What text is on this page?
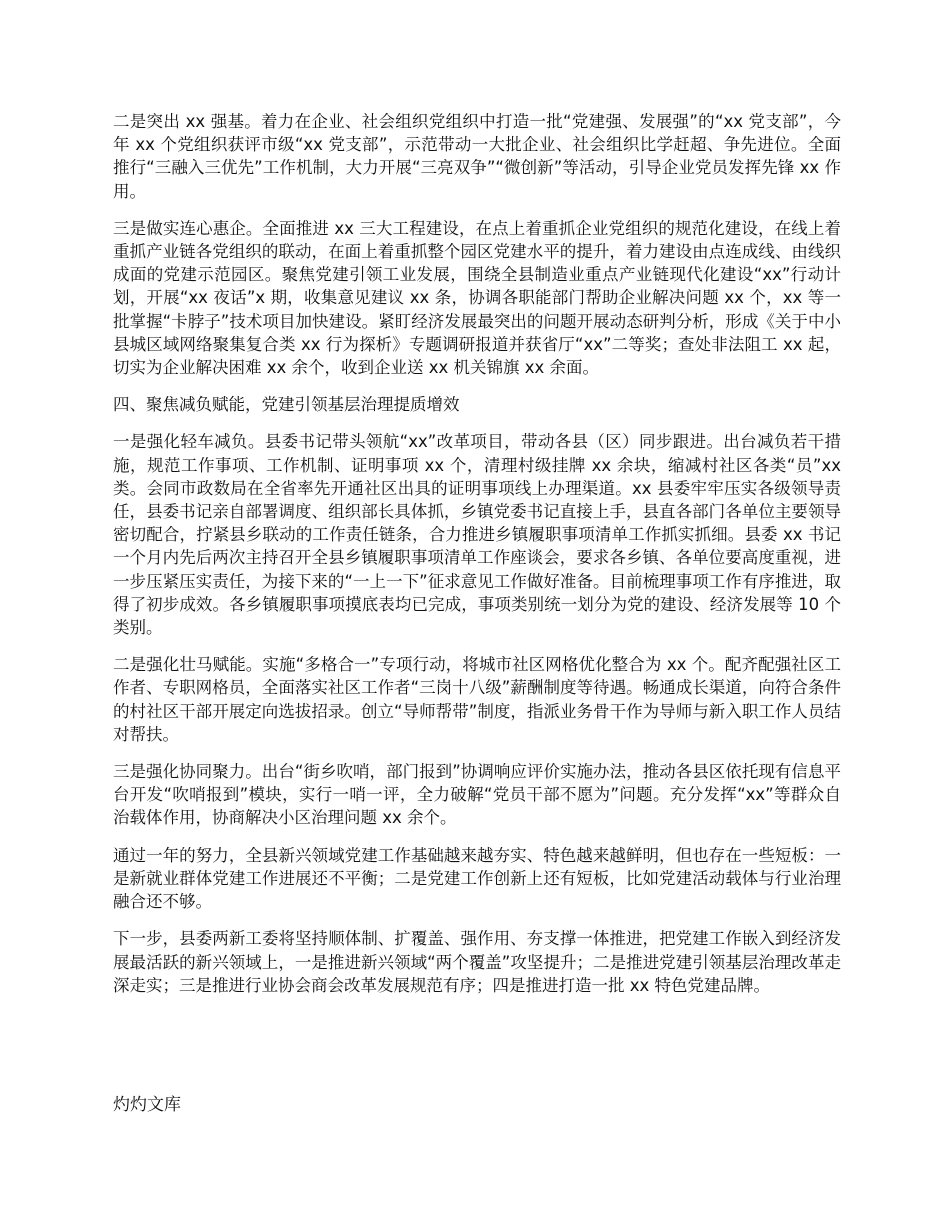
二是突出 xx 强基。着力在企业、社会组织党组织中打造一批“党建强、发展强”的“xx 党支部”，今年 xx 个党组织获评市级“xx 党支部”，示范带动一大批企业、社会组织比学赶超、争先进位。全面推行“三融入三优先”工作机制，大力开展“三亮双争”“微创新”等活动，引导企业党员发挥先锋 xx 作用。

三是做实连心惠企。全面推进 xx 三大工程建设，在点上着重抓企业党组织的规范化建设，在线上着重抓产业链各党组织的联动，在面上着重抓整个园区党建水平的提升，着力建设由点连成线、由线织成面的党建示范园区。聚焦党建引领工业发展，围绕全县制造业重点产业链现代化建设“xx”行动计划，开展“xx 夜话”x 期，收集意见建议 xx 条，协调各职能部门帮助企业解决问题 xx 个，xx 等一批掌握“卡脖子”技术项目加快建设。紧盯经济发展最突出的问题开展动态研判分析，形成《关于中小县城区域网络聚集复合类 xx 行为探析》专题调研报道并获省厅“xx”二等奖；查处非法阻工 xx 起，切实为企业解决困难 xx 余个，收到企业送 xx 机关锦旗 xx 余面。

四、聚焦减负赋能，党建引领基层治理提质增效

一是强化轻车减负。县委书记带头领航“xx”改革项目，带动各县（区）同步跟进。出台减负若干措施，规范工作事项、工作机制、证明事项 xx 个，清理村级挂牌 xx 余块，缩减村社区各类“员”xx 类。会同市政数局在全省率先开通社区出具的证明事项线上办理渠道。xx 县委牢牢压实各级领导责任，县委书记亲自部署调度、组织部长具体抓，乡镇党委书记直接上手，县直各部门各单位主要领导密切配合，拧紧县乡联动的工作责任链条，合力推进乡镇履职事项清单工作抓实抓细。县委 xx 书记一个月内先后两次主持召开全县乡镇履职事项清单工作座谈会，要求各乡镇、各单位要高度重视，进一步压紧压实责任，为接下来的“一上一下”征求意见工作做好准备。目前梳理事项工作有序推进，取得了初步成效。各乡镇履职事项摸底表均已完成，事项类别统一划分为党的建设、经济发展等 10 个类别。

二是强化壮马赋能。实施“多格合一”专项行动，将城市社区网格优化整合为 xx 个。配齐配强社区工作者、专职网格员，全面落实社区工作者“三岗十八级”薪酬制度等待遇。畅通成长渠道，向符合条件的村社区干部开展定向选拔招录。创立“导师帮带”制度，指派业务骨干作为导师与新入职工作人员结对帮扶。

三是强化协同聚力。出台“街乡吹哨，部门报到”协调响应评价实施办法，推动各县区依托现有信息平台开发“吹哨报到”模块，实行一哨一评，全力破解“党员干部不愿为”问题。充分发挥“xx”等群众自治载体作用，协商解决小区治理问题 xx 余个。

通过一年的努力，全县新兴领域党建工作基础越来越夯实、特色越来越鲜明，但也存在一些短板：一是新就业群体党建工作进展还不平衡；二是党建工作创新上还有短板，比如党建活动载体与行业治理融合还不够。

下一步，县委两新工委将坚持顺体制、扩覆盖、强作用、夯支撑一体推进，把党建工作嵌入到经济发展最活跃的新兴领域上，一是推进新兴领域“两个覆盖”攻坚提升；二是推进党建引领基层治理改革走深走实；三是推进行业协会商会改革发展规范有序；四是推进打造一批 xx 特色党建品牌。

灼灼文库
